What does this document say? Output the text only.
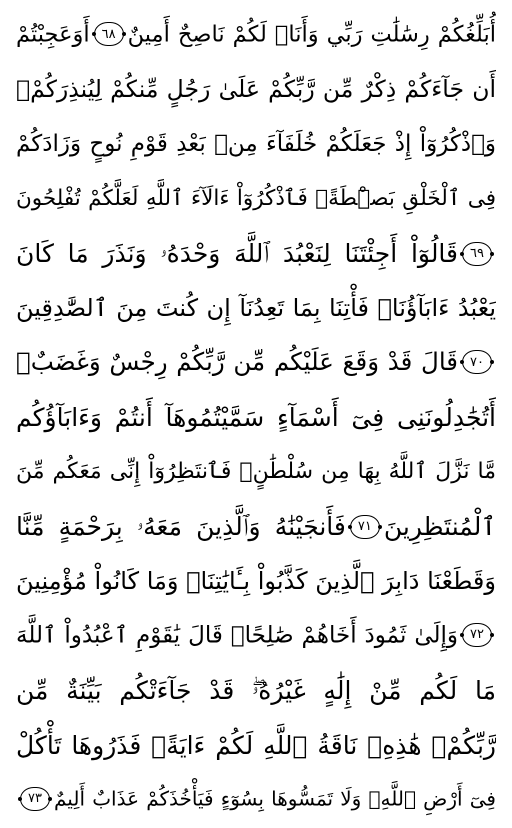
أُبَلِّغُكُمْ رِسَٰلَٰتِ رَبِّي وَأَنَا۠ لَكُمْ نَاصِحٌ أَمِينٌ٦٨أَوَعَجِبْتُمْ
أَن جَآءَكُمْ ذِكْرٌ مِّن رَّبِّكُمْ عَلَىٰ رَجُلٍ مِّنكُمْ لِيُنذِرَكُمْۚ
وَٱذْكُرُوٓاْ إِذْ جَعَلَكُمْ خُلَفَآءَ مِنۢ بَعْدِ قَوْمِ نُوحٍ وَزَادَكُمْ
فِى ٱلْخَلْقِ بَصْۜطَةًۖ فَٱذْكُرُوٓاْ ءَالَآءَ ٱللَّهِ لَعَلَّكُمْ تُفْلِحُونَ
٦٩قَالُوٓاْ أَجِئْتَنَا لِنَعْبُدَ ٱللَّهَ وَحْدَهُۥ وَنَذَرَ مَا كَانَ
يَعْبُدُ ءَابَآؤُنَاۖ فَأْتِنَا بِمَا تَعِدُنَآ إِن كُنتَ مِنَ ٱلصَّٰدِقِينَ
٧٠قَالَ قَدْ وَقَعَ عَلَيْكُم مِّن رَّبِّكُمْ رِجْسٌ وَغَضَبٌۖ
أَتُجَٰدِلُونَنِى فِىٓ أَسْمَآءٍ سَمَّيْتُمُوهَآ أَنتُمْ وَءَابَآؤُكُم
مَّا نَزَّلَ ٱللَّهُ بِهَا مِن سُلْطَٰنٍۚ فَٱنتَظِرُوٓاْ إِنِّى مَعَكُم مِّنَ
ٱلْمُنتَظِرِينَ٧١فَأَنجَيْنَٰهُ وَٱلَّذِينَ مَعَهُۥ بِرَحْمَةٍ مِّنَّا
وَقَطَعْنَا دَابِرَ ٱلَّذِينَ كَذَّبُواْ بِـَٔايَٰتِنَاۖ وَمَا كَانُواْ مُؤْمِنِينَ
٧٢وَإِلَىٰ ثَمُودَ أَخَاهُمْ صَٰلِحًاۗ قَالَ يَٰقَوْمِ ٱعْبُدُواْ ٱللَّهَ
مَا لَكُم مِّنْ إِلَٰهٍ غَيْرُهُۥۖ قَدْ جَآءَتْكُم بَيِّنَةٌ مِّن
رَّبِّكُمْۖ هَٰذِهِۦ نَاقَةُ ٱللَّهِ لَكُمْ ءَايَةًۖ فَذَرُوهَا تَأْكُلْ
فِىٓ أَرْضِ ٱللَّهِۖ وَلَا تَمَسُّوهَا بِسُوٓءٍ فَيَأْخُذَكُمْ عَذَابٌ أَلِيمٌ٧٣
